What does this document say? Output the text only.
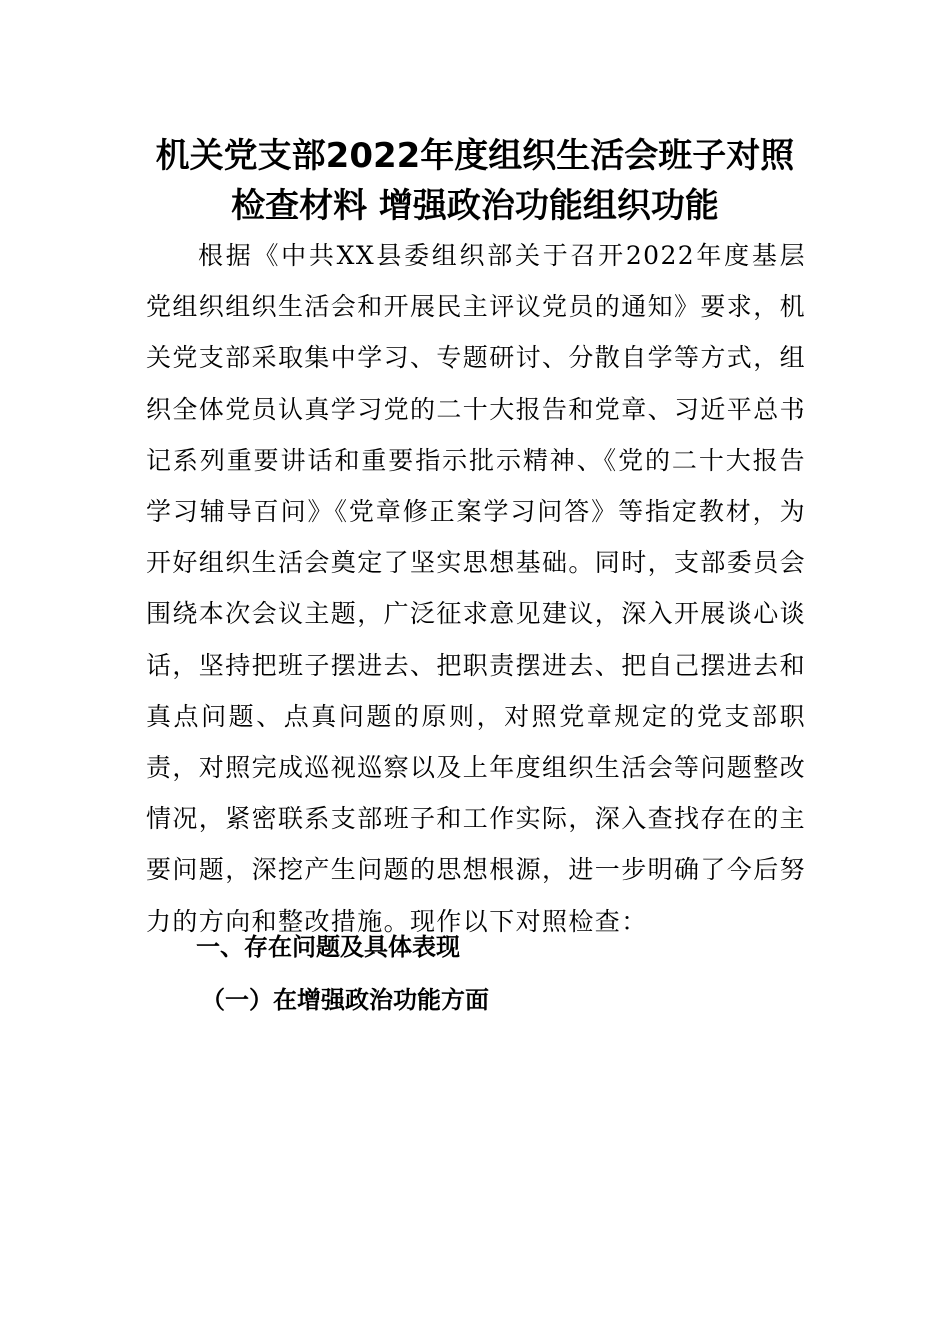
机关党支部2022年度组织生活会班子对照
检查材料 增强政治功能组织功能

根据《中共XX县委组织部关于召开2022年度基层党组织组织生活会和开展民主评议党员的通知》要求，机关党支部采取集中学习、专题研讨、分散自学等方式，组织全体党员认真学习党的二十大报告和党章、习近平总书记系列重要讲话和重要指示批示精神、《党的二十大报告学习辅导百问》《党章修正案学习问答》等指定教材，为开好组织生活会奠定了坚实思想基础。同时，支部委员会围绕本次会议主题，广泛征求意见建议，深入开展谈心谈话，坚持把班子摆进去、把职责摆进去、把自己摆进去和真点问题、点真问题的原则，对照党章规定的党支部职责，对照完成巡视巡察以及上年度组织生活会等问题整改情况，紧密联系支部班子和工作实际，深入查找存在的主要问题，深挖产生问题的思想根源，进一步明确了今后努力的方向和整改措施。现作以下对照检查：

一、存在问题及具体表现
（一）在增强政治功能方面
